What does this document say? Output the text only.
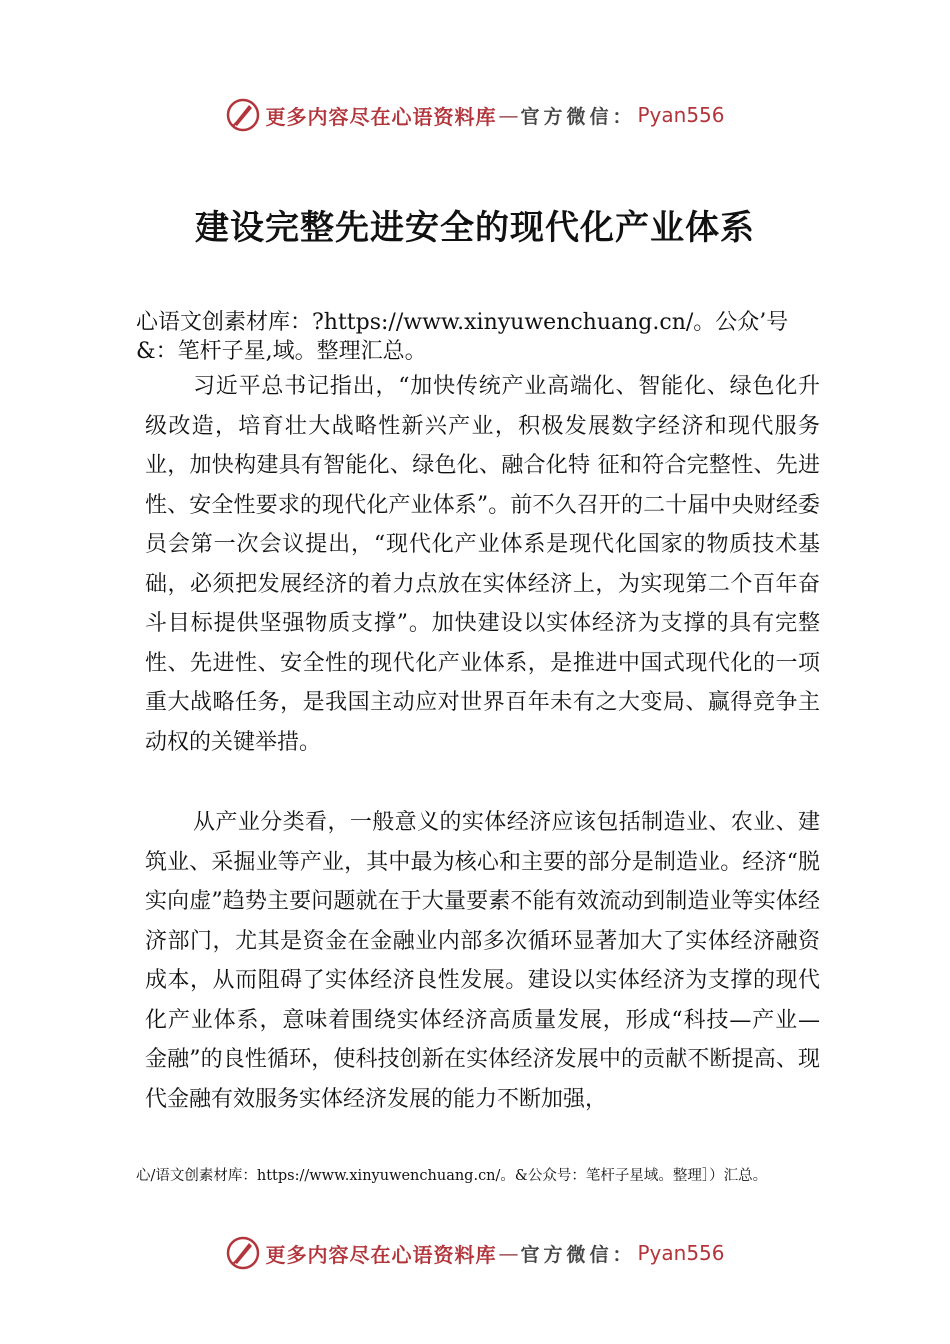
更多内容尽在心语资料库 — 官方微信： Pyan556
建设完整先进安全的现代化产业体系

心语文创素材库：?https://www.xinyuwenchuang.cn/。公众’号&：笔杆子星,域。整理汇总。

习近平总书记指出，“加快传统产业高端化、智能化、绿色化升级改造，培育壮大战略性新兴产业，积极发展数字经济和现代服务业，加快构建具有智能化、绿色化、融合化特 征和符合完整性、先进性、安全性要求的现代化产业体系”。前不久召开的二十届中央财经委员会第一次会议提出，“现代化产业体系是现代化国家的物质技术基础，必须把发展经济的着力点放在实体经济上，为实现第二个百年奋斗目标提供坚强物质支撑”。加快建设以实体经济为支撑的具有完整 性、先进性、安全性的现代化产业体系，是推进中国式现代化的一项重大战略任务，是我国主动应对世界百年未有之大变局、赢得竞争主动权的关键举措。

从产业分类看，一般意义的实体经济应该包括制造业、农业、建筑业、采掘业等产业，其中最为核心和主要的部分是制造业。经济“脱实向虚”趋势主要问题就在于大量要素不能有效流动到制造业等实体经济部门，尤其是资金在金融业内部多次循环显著加大了实体经济融资成本，从而阻碍了实体经济良性发展。建设以实体经济为支撑的现代化产业体系，意味着围绕实体经济高质量发展，形成“科技—产业— 金融”的良性循环，使科技创新在实体经济发展中的贡献不断提高、现代金融有效服务实体经济发展的能力不断加强，

心/语文创素材库：https://www.xinyuwenchuang.cn/。&公众号：笔杆子星域。整理］）汇总。

更多内容尽在心语资料库 — 官方微信： Pyan556
